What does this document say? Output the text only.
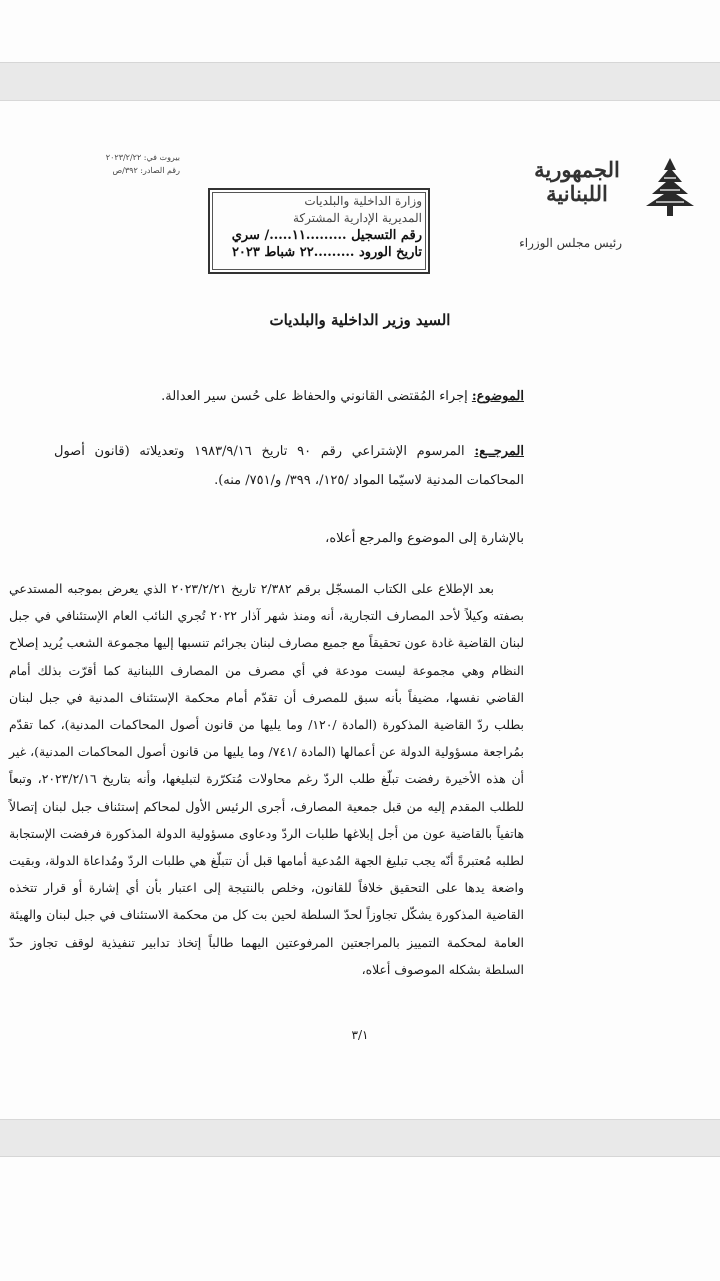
الجمهورية
اللبنانية
رئيس مجلس الوزراء
بيروت في: ٢٠٢٣/٢/٢٢
رقم الصادر: ٣٩٢/ص
وزارة الداخلية والبلديات
المديرية الإدارية المشتركة
رقم التسجيل .........١١...../ سري
تاريخ الورود .........٢٢ شباط ٢٠٢٣
السيد وزير الداخلية والبلديات
الموضوع: إجراء المُقتضى القانوني والحفاظ على حُسن سير العدالة.
المرجــع: المرسوم الإشتراعي رقم ٩٠ تاريخ ١٩٨٣/٩/١٦ وتعديلاته (قانون أصول المحاكمات المدنية لاسيّما المواد /١٢٥/، ٣٩٩/ و/٧٥١/ منه).
بالإشارة إلى الموضوع والمرجع أعلاه،
بعد الإطلاع على الكتاب المسجّل برقم ٢/٣٨٢ تاريخ ٢٠٢٣/٢/٢١ الذي يعرض بموجبه المستدعي بصفته وكيلاً لأحد المصارف التجارية، أنه ومنذ شهر آذار ٢٠٢٢ تُجري النائب العام الإستئنافي في جبل لبنان القاضية غادة عون تحقيقاً مع جميع مصارف لبنان بجرائم تنسبها إليها مجموعة الشعب يُريد إصلاح النظام وهي مجموعة ليست مودعة في أي مصرف من المصارف اللبنانية كما أقرّت بذلك أمام القاضي نفسها، مضيفاً بأنه سبق للمصرف أن تقدّم أمام محكمة الإستئناف المدنية في جبل لبنان بطلب ردّ القاضية المذكورة (المادة /١٢٠/ وما يليها من قانون أصول المحاكمات المدنية)، كما تقدّم بمُراجعة مسؤولية الدولة عن أعمالها (المادة /٧٤١/ وما يليها من قانون أصول المحاكمات المدنية)، غير أن هذه الأخيرة رفضت تبلّغ طلب الردّ رغم محاولات مُتكرّرة لتبليغها، وأنه بتاريخ ٢٠٢٣/٢/١٦، وتبعاً للطلب المقدم إليه من قبل جمعية المصارف، أجرى الرئيس الأول لمحاكم إستئناف جبل لبنان إتصالاً هاتفياً بالقاضية عون من أجل إبلاغها طلبات الردّ ودعاوى مسؤولية الدولة المذكورة فرفضت الإستجابة لطلبه مُعتبرةً أنّه يجب تبليغ الجهة المُدعية أمامها قبل أن تتبلّغ هي طلبات الردّ ومُداعاة الدولة، وبقيت واضعة يدها على التحقيق خلافاً للقانون، وخلص بالنتيجة إلى اعتبار بأن أي إشارة أو قرار تتخذه القاضية المذكورة يشكّل تجاوزاً لحدّ السلطة لحين بت كل من محكمة الاستئناف في جبل لبنان والهيئة العامة لمحكمة التمييز بالمراجعتين المرفوعتين اليهما طالباً إتخاذ تدابير تنفيذية لوقف تجاوز حدّ السلطة بشكله الموصوف أعلاه،
٣/١
